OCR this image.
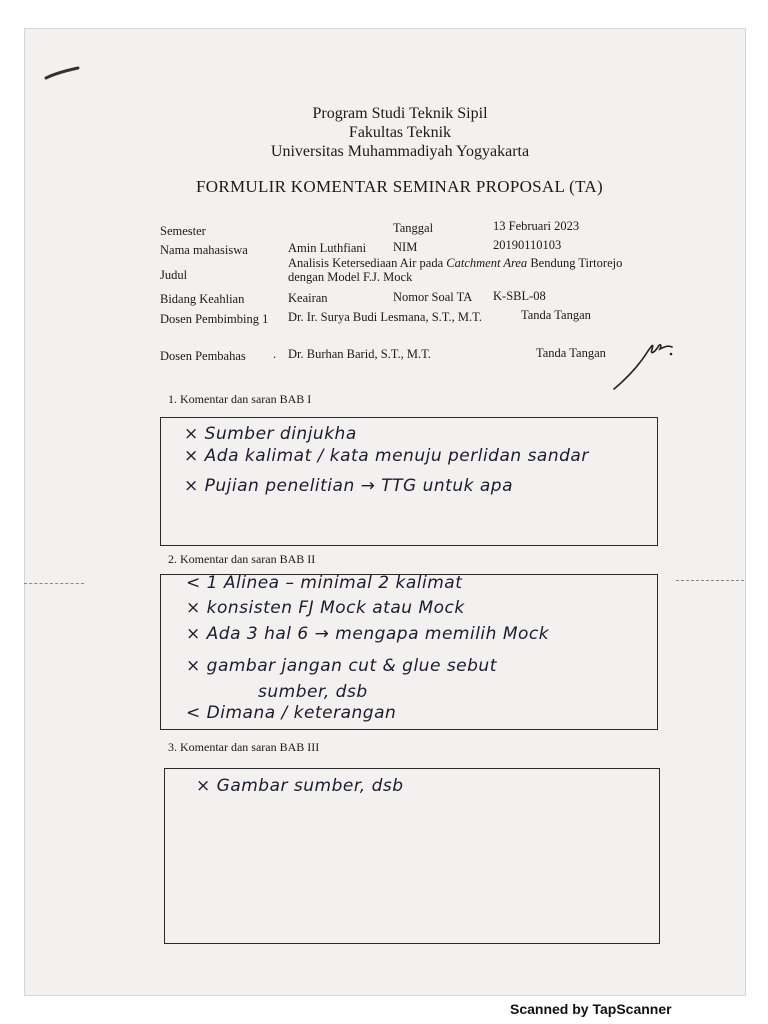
Program Studi Teknik Sipil
Fakultas Teknik
Universitas Muhammadiyah Yogyakarta
FORMULIR KOMENTAR SEMINAR PROPOSAL (TA)
Semester	Tanggal	13 Februari 2023
Nama mahasiswa	Amin Luthfiani NIM	20190110103
Judul
Analisis Ketersediaan Air pada Catchment Area Bendung Tirtorejo
dengan Model F.J. Mock
Bidang Keahlian	Keairan	Nomor Soal TA K-SBL-08
Dosen Pembimbing 1 Dr. Ir. Surya Budi Lesmana, S.T., M.T.	Tanda Tangan
Dosen Pembahas . Dr. Burhan Barid, S.T., M.T.	Tanda Tangan
1. Komentar dan saran BAB I
× Sumber dinjukha
× Ada kalimat / kata menuju perlidan sandar
× Pujian penelitian → TTG untuk apa
2. Komentar dan saran BAB II
< 1 Alinea – minimal 2 kalimat
× konsisten FJ Mock atau Mock
× Ada 3 hal 6 → mengapa memilih Mock
× gambar jangan cut & glue sebut
sumber, dsb
< Dimana / keterangan
3. Komentar dan saran BAB III
× Gambar sumber, dsb
Scanned by TapScanner
